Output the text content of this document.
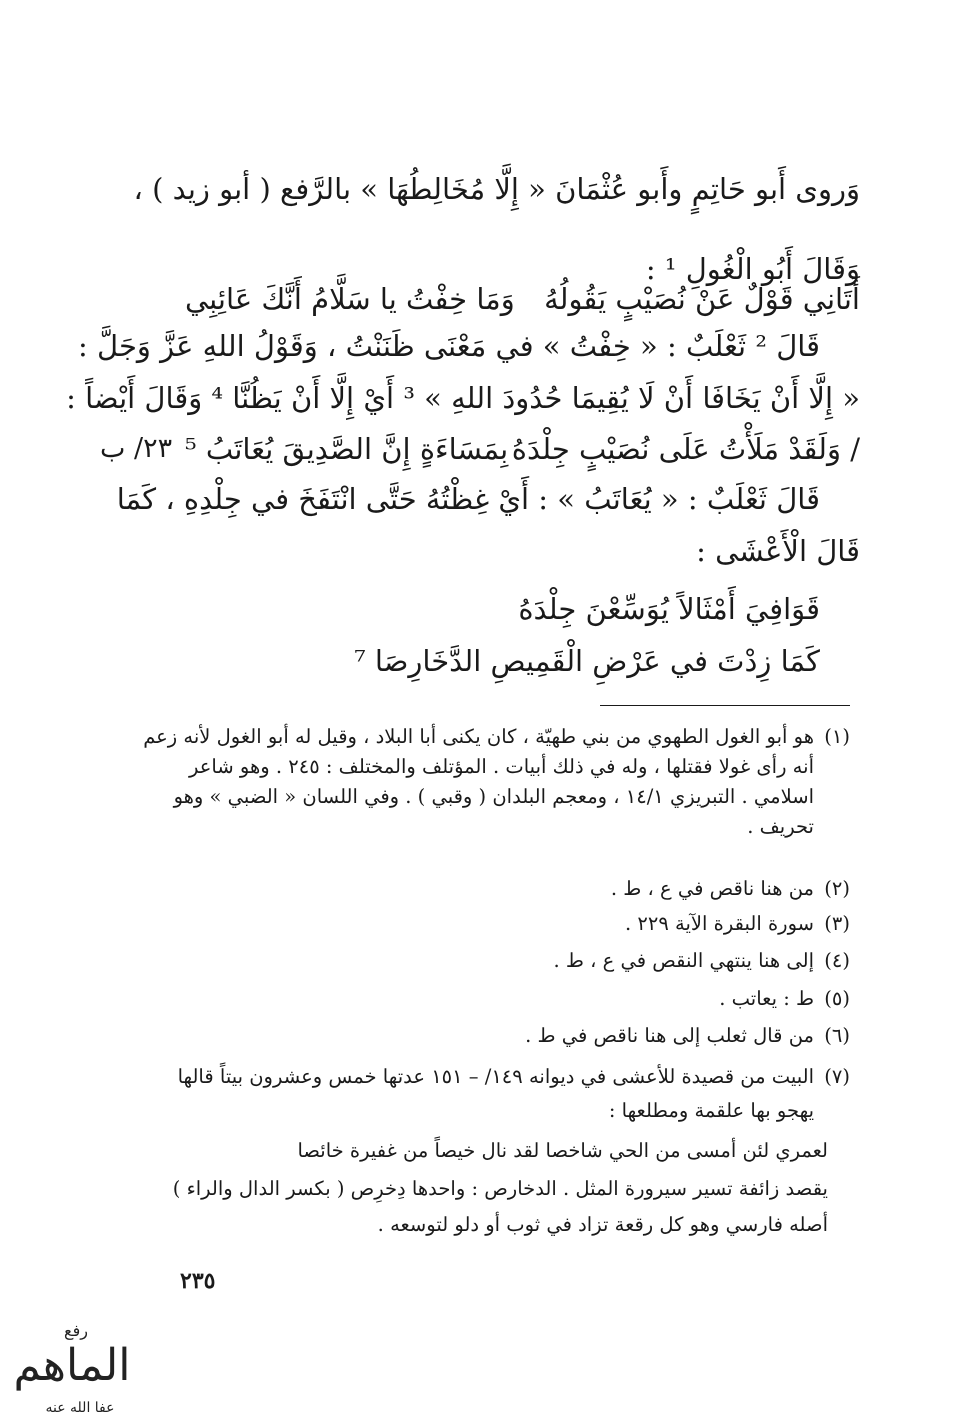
وَروى أَبو حَاتِمٍ وأَبو عُثْمَانَ « إِلَّا مُخَالِطُهَا » بالرَّفع ( أبو زيد ) ،
وَقَالَ أَبُو الْغُولِ ¹ :
أَتَانِي قَوْلٌ عَنْ نُصَيْبٍ يَقُولُهُ
قَالَ ² ثَعْلَبٌ : « خِفْتُ » في مَعْنَى ظَنَنْتُ ، وَقَوْلُ اللهِ عَزَّ وَجَلَّ :
« إِلَّا أَنْ يَخَافَا أَنْ لَا يُقِيمَا حُدُودَ اللهِ » ³ أَيْ إِلَّا أَنْ يَظُنَّا ⁴ وَقَالَ أَيْضاً :
/ وَلَقَدْ مَلَأْتُ عَلَى نُصَيْبٍ جِلْدَهُ
قَالَ ثَعْلَبٌ : « يُعَاتَبُ » : أَيْ غِظْتُهُ حَتَّى انْتَفَخَ في جِلْدِهِ ، كَمَا
قَالَ الْأَعْشَى :
قَوَافِيَ أَمْثَالاً يُوَسِّعْنَ جِلْدَهُ
كَمَا زِدْتَ في عَرْضِ الْقَمِيصِ الدَّخَارِصَا ⁷
وَمَا خِفْتُ يا سَلَّامُ أَنَّكَ عَائِبِي
بِمَسَاءَةٍ إِنَّ الصَّدِيقَ يُعَاتَبُ ⁵
٢٣/ ب
(١)هو أبو الغول الطهوي من بني طهيّة ، كان يكنى أبا البلاد ، وقيل له أبو الغول لأنه زعم
أنه رأى غولا فقتلها ، وله في ذلك أبيات . المؤتلف والمختلف : ٢٤٥ . وهو شاعر
اسلامي . التبريزي ١٤/١ ، ومعجم البلدان ( وقبي ) . وفي اللسان « الضبي » وهو
تحريف .
(٢)من هنا ناقص في ع ، ط .
(٣)سورة البقرة الآية ٢٢٩ .
(٤)إلى هنا ينتهي النقص في ع ، ط .
(٥)ط : يعاتب .
(٦)من قال ثعلب إلى هنا ناقص في ط .
(٧)البيت من قصيدة للأعشى في ديوانه ١٤٩/ – ١٥١ عدتها خمس وعشرون بيتاً قالها
يهجو بها علقمة ومطلعها :
لعمري لئن أمسى من الحي شاخصا لقد نال خيصاً من غفيرة خائصا
يقصد زائفة تسير سيرورة المثل . الدخارص : واحدها دِخرِص ( بكسر الدال والراء )
أصله فارسي وهو كل رقعة تزاد في ثوب أو دلو لتوسعه .
٢٣٥
رفع
الماهم
عفا الله عنه
